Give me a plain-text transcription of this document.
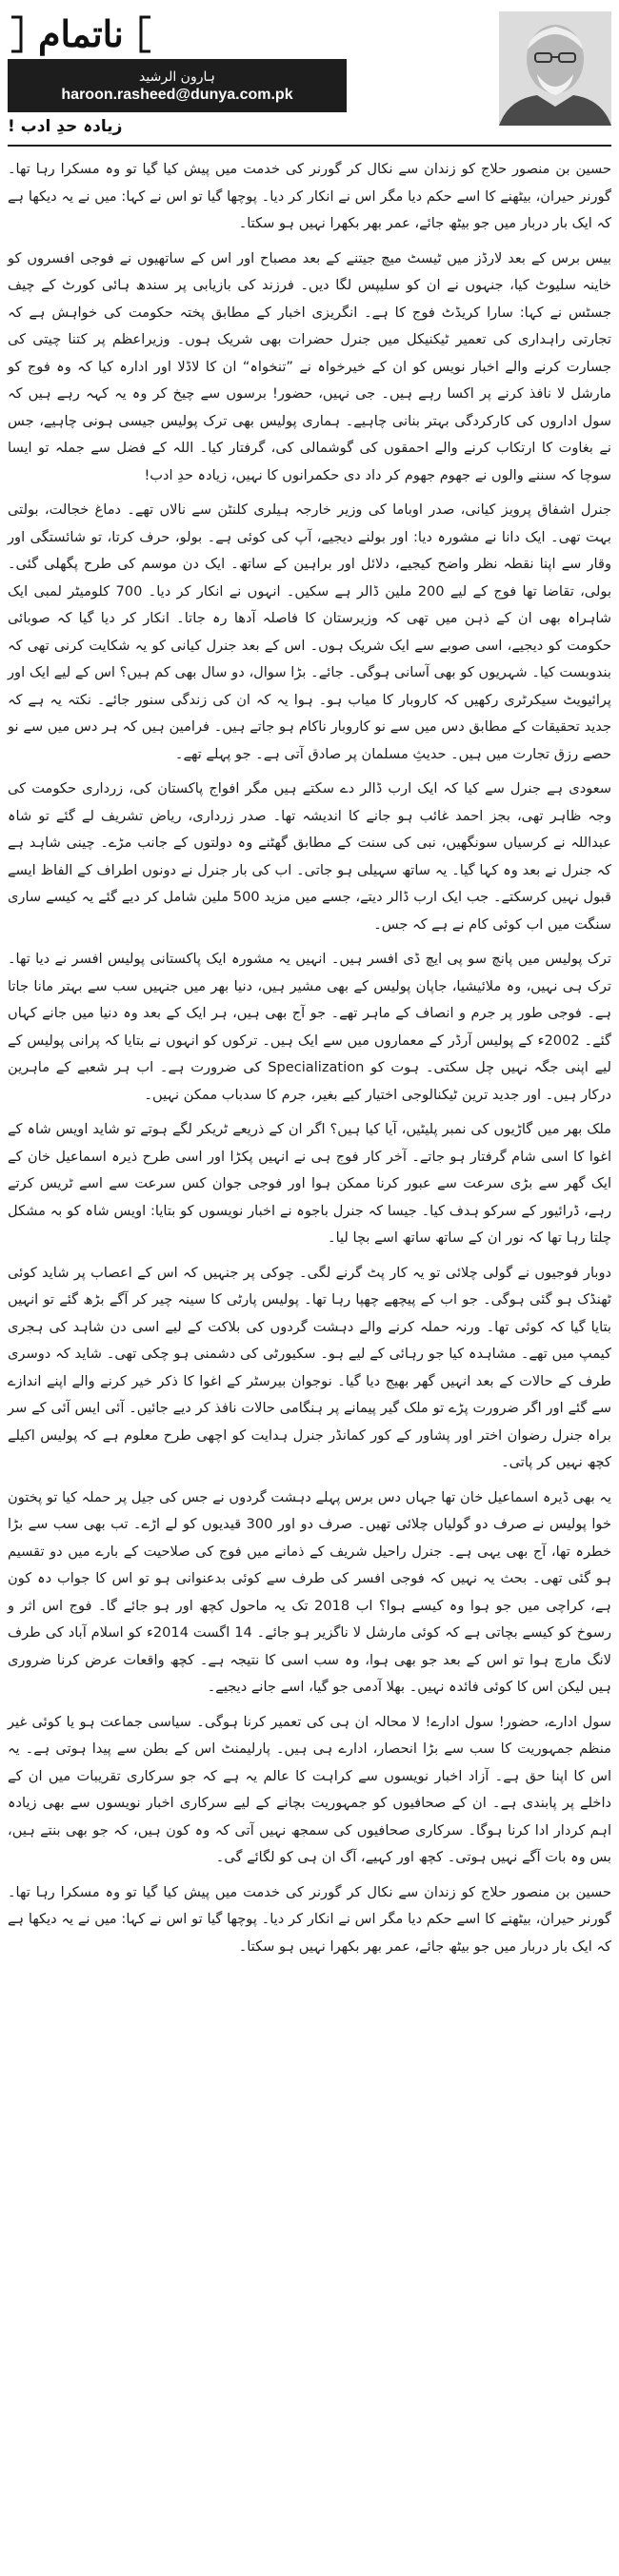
ناتمام
ہارون الرشید
haroon.rasheed@dunya.com.pk
زیادہ حدِ ادب !

حسین بن منصور حلاج کو زندان سے نکال کر گورنر کی خدمت میں پیش کیا گیا تو وہ مسکرا رہا تھا۔ گورنر حیران، بیٹھنے کا اسے حکم دیا مگر اس نے انکار کر دیا۔ پوچھا گیا تو اس نے کہا: میں نے یہ دیکھا ہے کہ ایک بار دربار میں جو بیٹھ جائے، عمر بھر بکھرا نہیں ہو سکتا۔

بیس برس کے بعد لارڈز میں ٹیسٹ میچ جیتنے کے بعد مصباح اور اس کے ساتھیوں نے فوجی افسروں کو خاینہ سلیوٹ کیا، جنہوں نے ان کو سلیپس لگا دیں۔ فرزند کی بازیابی پر سندھ ہائی کورٹ کے چیف جسٹس نے کہا: سارا کریڈٹ فوج کا ہے۔ انگریزی اخبار کے مطابق پختہ حکومت کی خواہش ہے کہ تجارتی راہداری کی تعمیر ٹیکنیکل میں جنرل حضرات بھی شریک ہوں۔ وزیراعظم پر کتنا چیتی کی جسارت کرنے والے اخبار نویس کو ان کے خیرخواہ نے ”تنخواہ“ ان کا لاڈلا اور ادارہ کیا کہ وہ فوج کو مارشل لا نافذ کرنے پر اکسا رہے ہیں۔ جی نہیں، حضور! برسوں سے چیخ کر وہ یہ کہہ رہے ہیں کہ سول اداروں کی کارکردگی بہتر بنانی چاہیے۔ ہماری پولیس بھی ترک پولیس جیسی ہونی چاہیے، جس نے بغاوت کا ارتکاب کرنے والے احمقوں کی گوشمالی کی، گرفتار کیا۔ اللہ کے فضل سے جملہ تو ایسا سوچا کہ سننے والوں نے جھوم جھوم کر داد دی حکمرانوں کا نہیں، زیادہ حدِ ادب!

جنرل اشفاق پرویز کیانی، صدر اوباما کی وزیر خارجہ ہیلری کلنٹن سے نالاں تھے۔ دماغ خجالت، بولتی بہت تھی۔ ایک دانا نے مشورہ دیا: اور بولنے دیجیے، آپ کی کوئی ہے۔ بولو، حرف کرتا، تو شائستگی اور وقار سے اپنا نقطہ نظر واضح کیجیے، دلائل اور براہین کے ساتھ۔ ایک دن موسم کی طرح پگھلی گئی۔ بولی، تقاضا تھا فوج کے لیے 200 ملین ڈالر ہے سکیں۔ انہوں نے انکار کر دیا۔ 700 کلومیٹر لمبی ایک شاہراہ بھی ان کے ذہن میں تھی کہ وزیرستان کا فاصلہ آدھا رہ جاتا۔ انکار کر دیا گیا کہ صوبائی حکومت کو دیجیے، اسی صوبے سے ایک شریک ہوں۔ اس کے بعد جنرل کیانی کو یہ شکایت کرنی تھی کہ بندوبست کیا۔ شہریوں کو بھی آسانی ہوگی۔ جائے۔ بڑا سوال، دو سال بھی کم ہیں؟ اس کے لیے ایک اور پرائیویٹ سیکرٹری رکھیں کہ کاروبار کا میاب ہو۔ ہوا یہ کہ ان کی زندگی سنور جائے۔ نکتہ یہ ہے کہ جدید تحقیقات کے مطابق دس میں سے نو کاروبار ناکام ہو جاتے ہیں۔ فرامین ہیں کہ ہر دس میں سے نو حصے رزق تجارت میں ہیں۔ حدیثِ مسلمان پر صادق آتی ہے۔ جو پہلے تھے۔

سعودی ہے جنرل سے کیا کہ ایک ارب ڈالر دے سکتے ہیں مگر افواج پاکستان کی، زرداری حکومت کی وجہ ظاہر تھی، بجز احمد غائب ہو جانے کا اندیشہ تھا۔ صدر زرداری، ریاض تشریف لے گئے تو شاہ عبداللہ نے کرسیاں سونگھیں، نبی کی سنت کے مطابق گھٹنے وہ دولتوں کے جانب مڑے۔ چینی شاہد ہے کہ جنرل نے بعد وہ کہا گیا۔ یہ ساتھ سہیلی ہو جاتی۔ اب کی بار جنرل نے دونوں اطراف کے الفاظ ایسے قبول نہیں کرسکتے۔ جب ایک ارب ڈالر دیتے، جسے میں مزید 500 ملین شامل کر دیے گئے یہ کیسے ساری سنگت میں اب کوئی کام نے ہے کہ جس۔

ترک پولیس میں پانچ سو پی ایچ ڈی افسر ہیں۔ انہیں یہ مشورہ ایک پاکستانی پولیس افسر نے دیا تھا۔ ترک ہی نہیں، وہ ملائیشیا، جاپان پولیس کے بھی مشیر ہیں، دنیا بھر میں جنہیں سب سے بہتر مانا جاتا ہے۔ فوجی طور پر جرم و انصاف کے ماہر تھے۔ جو آج بھی ہیں، ہر ایک کے بعد وہ دنیا میں جانے کہاں گئے۔ 2002ء کے پولیس آرڈر کے معماروں میں سے ایک ہیں۔ ترکوں کو انہوں نے بتایا کہ پرانی پولیس کے لیے اپنی جگہ نہیں چل سکتی۔ ہوت کو Specialization کی ضرورت ہے۔ اب ہر شعبے کے ماہرین درکار ہیں۔ اور جدید ترین ٹیکنالوجی اختیار کیے بغیر، جرم کا سدباب ممکن نہیں۔

ملک بھر میں گاڑیوں کی نمبر پلیٹیں، آیا کیا ہیں؟ اگر ان کے ذریعے ٹریکر لگے ہوتے تو شاید اویس شاہ کے اغوا کا اسی شام گرفتار ہو جاتے۔ آخر کار فوج ہی نے انہیں پکڑا اور اسی طرح ذیرہ اسماعیل خان کے ایک گھر سے بڑی سرعت سے عبور کرنا ممکن ہوا اور فوجی جوان کس سرعت سے اسے ٹریس کرتے رہے، ڈرائیور کے سرکو ہدف کیا۔ جیسا کہ جنرل باجوہ نے اخبار نویسوں کو بتایا: اویس شاہ کو بہ مشکل چلتا رہا تھا کہ نور ان کے ساتھ ساتھ اسے بچا لیا۔

دوبار فوجیوں نے گولی چلائی تو یہ کار پٹ گرنے لگی۔ چوکی پر جنہیں کہ اس کے اعصاب پر شاید کوئی ٹھنڈک ہو گئی ہوگی۔ جو اب کے پیچھے چھپا رہا تھا۔ پولیس پارٹی کا سینہ چیر کر آگے بڑھ گئے تو انہیں بتایا گیا کہ کوئی تھا۔ ورنہ حملہ کرنے والے دہشت گردوں کی بلاکت کے لیے اسی دن شاہد کی ہجری کیمپ میں تھے۔ مشاہدہ کیا جو رہائی کے لیے ہو۔ سکیورٹی کی دشمنی ہو چکی تھی۔ شاید کہ دوسری طرف کے حالات کے بعد انہیں گھر بھیج دیا گیا۔ نوجوان بیرسٹر کے اغوا کا ذکر خیر کرنے والے اپنے اندازے سے گئے اور اگر ضرورت پڑے تو ملک گیر پیمانے پر ہنگامی حالات نافذ کر دیے جائیں۔ آئی ایس آئی کے سر براہ جنرل رضوان اختر اور پشاور کے کور کمانڈر جنرل ہدایت کو اچھی طرح معلوم ہے کہ پولیس اکیلے کچھ نہیں کر پاتی۔

یہ بھی ڈیرہ اسماعیل خان تھا جہاں دس برس پہلے دہشت گردوں نے جس کی جیل پر حملہ کیا تو پختون خوا پولیس نے صرف دو گولیاں چلائی تھیں۔ صرف دو اور 300 قیدیوں کو لے اڑے۔ تب بھی سب سے بڑا خطرہ تھا، آج بھی یہی ہے۔ جنرل راحیل شریف کے ذمانے میں فوج کی صلاحیت کے بارے میں دو تقسیم ہو گئی تھی۔ بحث یہ نہیں کہ فوجی افسر کی طرف سے کوئی بدعنوانی ہو تو اس کا جواب دہ کون ہے، کراچی میں جو ہوا وہ کیسے ہوا؟ اب 2018 تک یہ ماحول کچھ اور ہو جائے گا۔ فوج اس اثر و رسوخ کو کیسے بچاتی ہے کہ کوئی مارشل لا ناگزیر ہو جائے۔ 14 اگست 2014ء کو اسلام آباد کی طرف لانگ مارچ ہوا تو اس کے بعد جو بھی ہوا، وہ سب اسی کا نتیجہ ہے۔ کچھ واقعات عرض کرنا ضروری ہیں لیکن اس کا کوئی فائدہ نہیں۔ بھلا آدمی جو گیا، اسے جانے دیجیے۔

سول ادارے، حضور! سول ادارے! لا محالہ ان ہی کی تعمیر کرنا ہوگی۔ سیاسی جماعت ہو یا کوئی غیر منظم جمہوریت کا سب سے بڑا انحصار، ادارے ہی ہیں۔ پارلیمنٹ اس کے بطن سے پیدا ہوتی ہے۔ یہ اس کا اپنا حق ہے۔ آزاد اخبار نویسوں سے کراہت کا عالم یہ ہے کہ جو سرکاری تقریبات میں ان کے داخلے پر پابندی ہے۔ ان کے صحافیوں کو جمہوریت بچانے کے لیے سرکاری اخبار نویسوں سے بھی زیادہ اہم کردار ادا کرنا ہوگا۔ سرکاری صحافیوں کی سمجھ نہیں آتی کہ وہ کون ہیں، کہ جو بھی بنتے ہیں، بس وہ بات آگے نہیں ہوتی۔ کچھ اور کہیے، آگ ان ہی کو لگائے گی۔

حسین بن منصور حلاج کو زندان سے نکال کر گورنر کی خدمت میں پیش کیا گیا تو وہ مسکرا رہا تھا۔ گورنر حیران، بیٹھنے کا اسے حکم دیا مگر اس نے انکار کر دیا۔ پوچھا گیا تو اس نے کہا: میں نے یہ دیکھا ہے کہ ایک بار دربار میں جو بیٹھ جائے، عمر بھر بکھرا نہیں ہو سکتا۔
